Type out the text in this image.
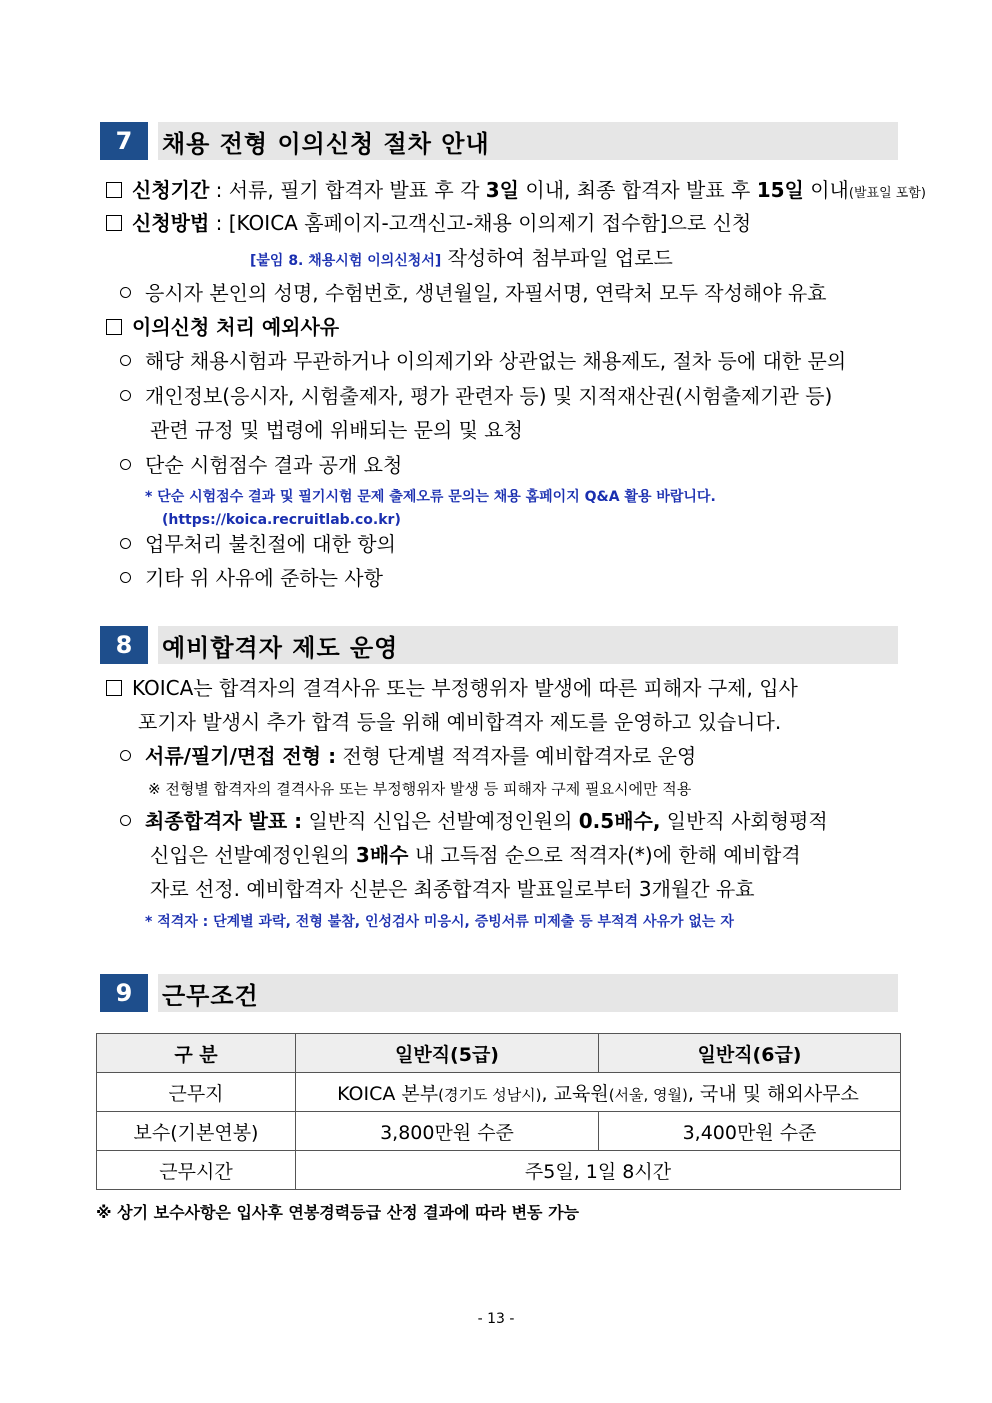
7	채용 전형 이의신청 절차 안내
신청기간 : 서류, 필기 합격자 발표 후 각 3일 이내, 최종 합격자 발표 후 15일 이내(발표일 포함)
신청방법 : [KOICA 홈페이지-고객신고-채용 이의제기 접수함]으로 신청
[붙임 8. 채용시험 이의신청서] 작성하여 첨부파일 업로드
응시자 본인의 성명, 수험번호, 생년월일, 자필서명, 연락처 모두 작성해야 유효
이의신청 처리 예외사유
해당 채용시험과 무관하거나 이의제기와 상관없는 채용제도, 절차 등에 대한 문의
개인정보(응시자, 시험출제자, 평가 관련자 등) 및 지적재산권(시험출제기관 등)
관련 규정 및 법령에 위배되는 문의 및 요청
단순 시험점수 결과 공개 요청
* 단순 시험점수 결과 및 필기시험 문제 출제오류 문의는 채용 홈페이지 Q&A 활용 바랍니다.
(https://koica.recruitlab.co.kr)
업무처리 불친절에 대한 항의
기타 위 사유에 준하는 사항
8	예비합격자 제도 운영
KOICA는 합격자의 결격사유 또는 부정행위자 발생에 따른 피해자 구제, 입사
포기자 발생시 추가 합격 등을 위해 예비합격자 제도를 운영하고 있습니다.
서류/필기/면접 전형 : 전형 단계별 적격자를 예비합격자로 운영
※ 전형별 합격자의 결격사유 또는 부정행위자 발생 등 피해자 구제 필요시에만 적용
최종합격자 발표 : 일반직 신입은 선발예정인원의 0.5배수, 일반직 사회형평적
신입은 선발예정인원의 3배수 내 고득점 순으로 적격자(*)에 한해 예비합격
자로 선정. 예비합격자 신분은 최종합격자 발표일로부터 3개월간 유효
* 적격자 : 단계별 과락, 전형 불참, 인성검사 미응시, 증빙서류 미제출 등 부적격 사유가 없는 자
9	근무조건
구 분	일반직(5급)	일반직(6급)
근무지	KOICA 본부(경기도 성남시), 교육원(서울, 영월), 국내 및 해외사무소	
보수(기본연봉)	3,800만원 수준	3,400만원 수준
근무시간	주5일, 1일 8시간	
※ 상기 보수사항은 입사후 연봉경력등급 산정 결과에 따라 변동 가능
- 13 -
